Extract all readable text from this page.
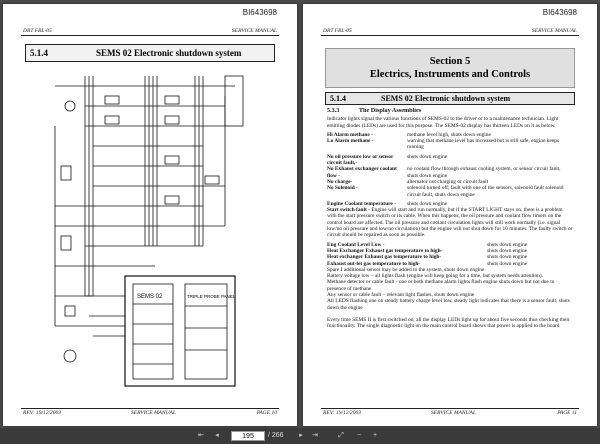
BI643698
DRT FBL-05	SERVICE MANUAL
5.1.4	SEMS 02 Electronic shutdown system
SEMS 02	TRIPLE PROBE PANEL
REV: 19/12/2003	SERVICE MANUAL	PAGE 10
BI643698
DRT FBL-05	SERVICE MANUAL
Section 5
Electrics, Instruments and Controls
5.1.4	SEMS 02 Electronic shutdown system
5.3.3	The Display Assemblies

Indicator lights signal the various functions of SEMS-02 to the driver or to a maintenance technician. Light emitting diodes (LEDs) are used for this purpose. The SEMS-02 display has thirteen LEDs on it as below.

Hi Alarm methane -	methane level high, shuts down engine
Lo Alarm methane -	warning that methane level has increased but is still safe, engine keeps running
No oil pressure low or sensor circuit fault,-
shuts down engine
No Exhaust exchanger coolant flow -
no coolant flow through exhaust cooling system, or sensor circuit fault, shuts down engine
No charge-	alternator not charging or circuit fault
No Solenoid -	solenoid turned off; fault with one of the sensors, solenoid fault solenoid circuit fault, shuts down engine
Engine Coolant temperature -	shuts down engine

Start switch fault - Engine will start and run normally, but if the START LIGHT stays on, there is a problem with the start pressure switch or its cable. When this happens, the oil pressure and coolant flow timers on the control board are affected. The oil pressure and coolant circulation lights will still work normally (i.e. signal low/no oil pressure and low/no circulation) but the engine will not shut down for 10 minutes. The faulty switch or circuit should be repaired as soon as possible.

Eng Coolant Level Low -	shuts down engine
Heat Exchanger Exhaust gas temperature to high-	shuts down engine
Heat exchanger Exhaust gas temperature to high-	shuts down engine
Exhaust out-let gas temperature to high-	shuts down engine
Spare I additional sensor may be added to the system, shuts down engine
Battery voltage low – all lights flash (engine will keep going for a time, but system needs attention).
Methane detector or cable fault - one or both methane alarm lights flash engine shuts down but not due to presence of methane
Any sensor or cable fault – relevant light flashes, shuts down engine
All LEDS flashing one on steady battery charge level low, steady light indicates that there is a sensor fault, shuts down the engine

Every time SEMS II is first switched on, all the display LEDs light up for about five seconds thus checking their functionality. The single diagnostic light on the main control board shows that power is applied to the board

REV: 19/12/2003	SERVICE MANUAL	PAGE 11
⇤	◂	195	/ 266	▸	⇥	⤢	−	+
